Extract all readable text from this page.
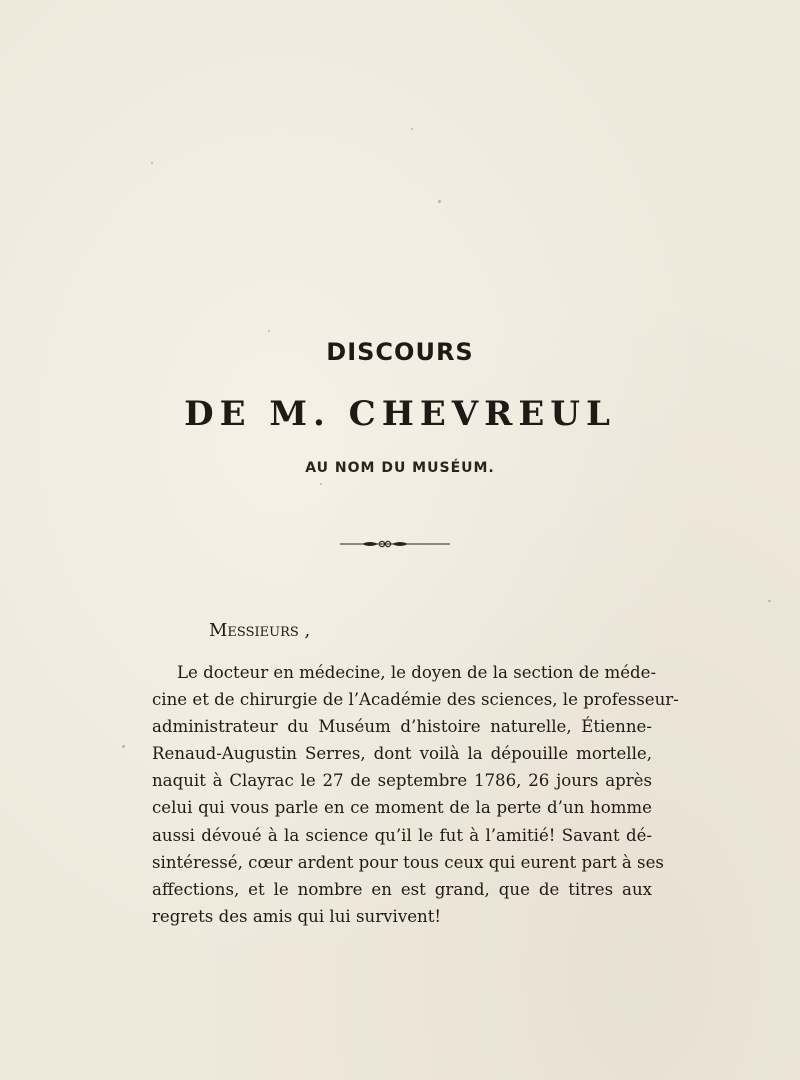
DISCOURS
DE M. CHEVREUL
AU NOM DU MUSÉUM.
Messieurs ,
Le docteur en médecine, le doyen de la section de méde-
cine et de chirurgie de l’Académie des sciences, le professeur-
administrateur du Muséum d’histoire naturelle, Étienne-
Renaud-Augustin Serres, dont voilà la dépouille mortelle,
naquit à Clayrac le 27 de septembre 1786, 26 jours après
celui qui vous parle en ce moment de la perte d’un homme
aussi dévoué à la science qu’il le fut à l’amitié! Savant dé-
sintéressé, cœur ardent pour tous ceux qui eurent part à ses
affections, et le nombre en est grand, que de titres aux
regrets des amis qui lui survivent!
